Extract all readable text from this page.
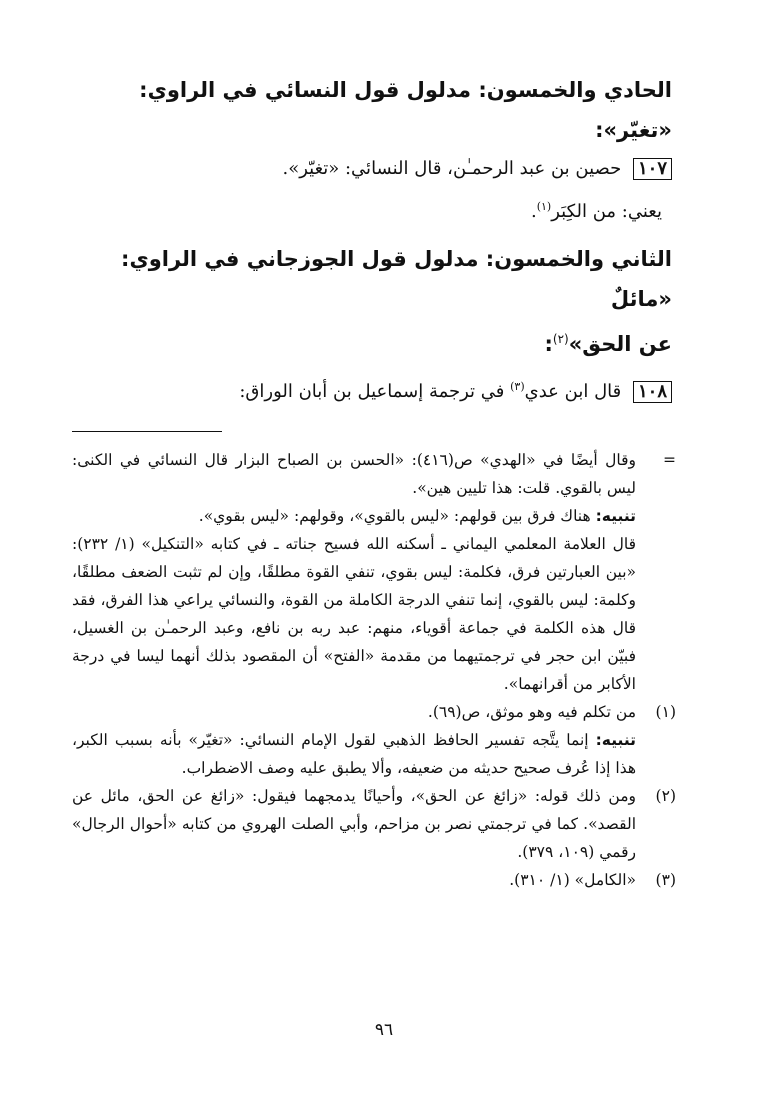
الحادي والخمسون: مدلول قول النسائي في الراوي: «تغيّر»:

١٠٧ حصين بن عبد الرحمـٰن، قال النسائي: «تغيّر».

يعني: من الكِبَر$^{(١)}$.

الثاني والخمسون: مدلول قول الجوزجاني في الراوي: «مائلٌ
عن الحق»$^{(٢)}$:

١٠٨ قال ابن عدي$^{(٣)}$ في ترجمة إسماعيل بن أبان الوراق:

=
وقال أيضًا في «الهدي» ص(٤١٦): «الحسن بن الصباح البزار قال النسائي في الكنى: ليس بالقوي. قلت: هذا تليين هين».

تنبيه: هناك فرق بين قولهم: «ليس بالقوي»، وقولهم: «ليس بقوي».

قال العلامة المعلمي اليماني ـ أسكنه الله فسيح جناته ـ في كتابه «التنكيل» (١/ ٢٣٢): «بين العبارتين فرق، فكلمة: ليس بقوي، تنفي القوة مطلقًا، وإن لم تثبت الضعف مطلقًا، وكلمة: ليس بالقوي، إنما تنفي الدرجة الكاملة من القوة، والنسائي يراعي هذا الفرق، فقد قال هذه الكلمة في جماعة أقوياء، منهم: عبد ربه بن نافع، وعبد الرحمـٰن بن الغسيل، فبيّن ابن حجر في ترجمتيهما من مقدمة «الفتح» أن المقصود بذلك أنهما ليسا في درجة الأكابر من أقرانهما».

(١)
من تكلم فيه وهو موثق، ص(٦٩).

تنبيه: إنما يتَّجه تفسير الحافظ الذهبي لقول الإمام النسائي: «تغيّر» بأنه بسبب الكبر، هذا إذا عُرف صحيح حديثه من ضعيفه، وألا يطبق عليه وصف الاضطراب.

(٢)
ومن ذلك قوله: «زائغ عن الحق»، وأحيانًا يدمجهما فيقول: «زائغ عن الحق، مائل عن القصد». كما في ترجمتي نصر بن مزاحم، وأبي الصلت الهروي من كتابه «أحوال الرجال» رقمي (١٠٩، ٣٧٩).

(٣)
«الكامل» (١/ ٣١٠).

٩٦
